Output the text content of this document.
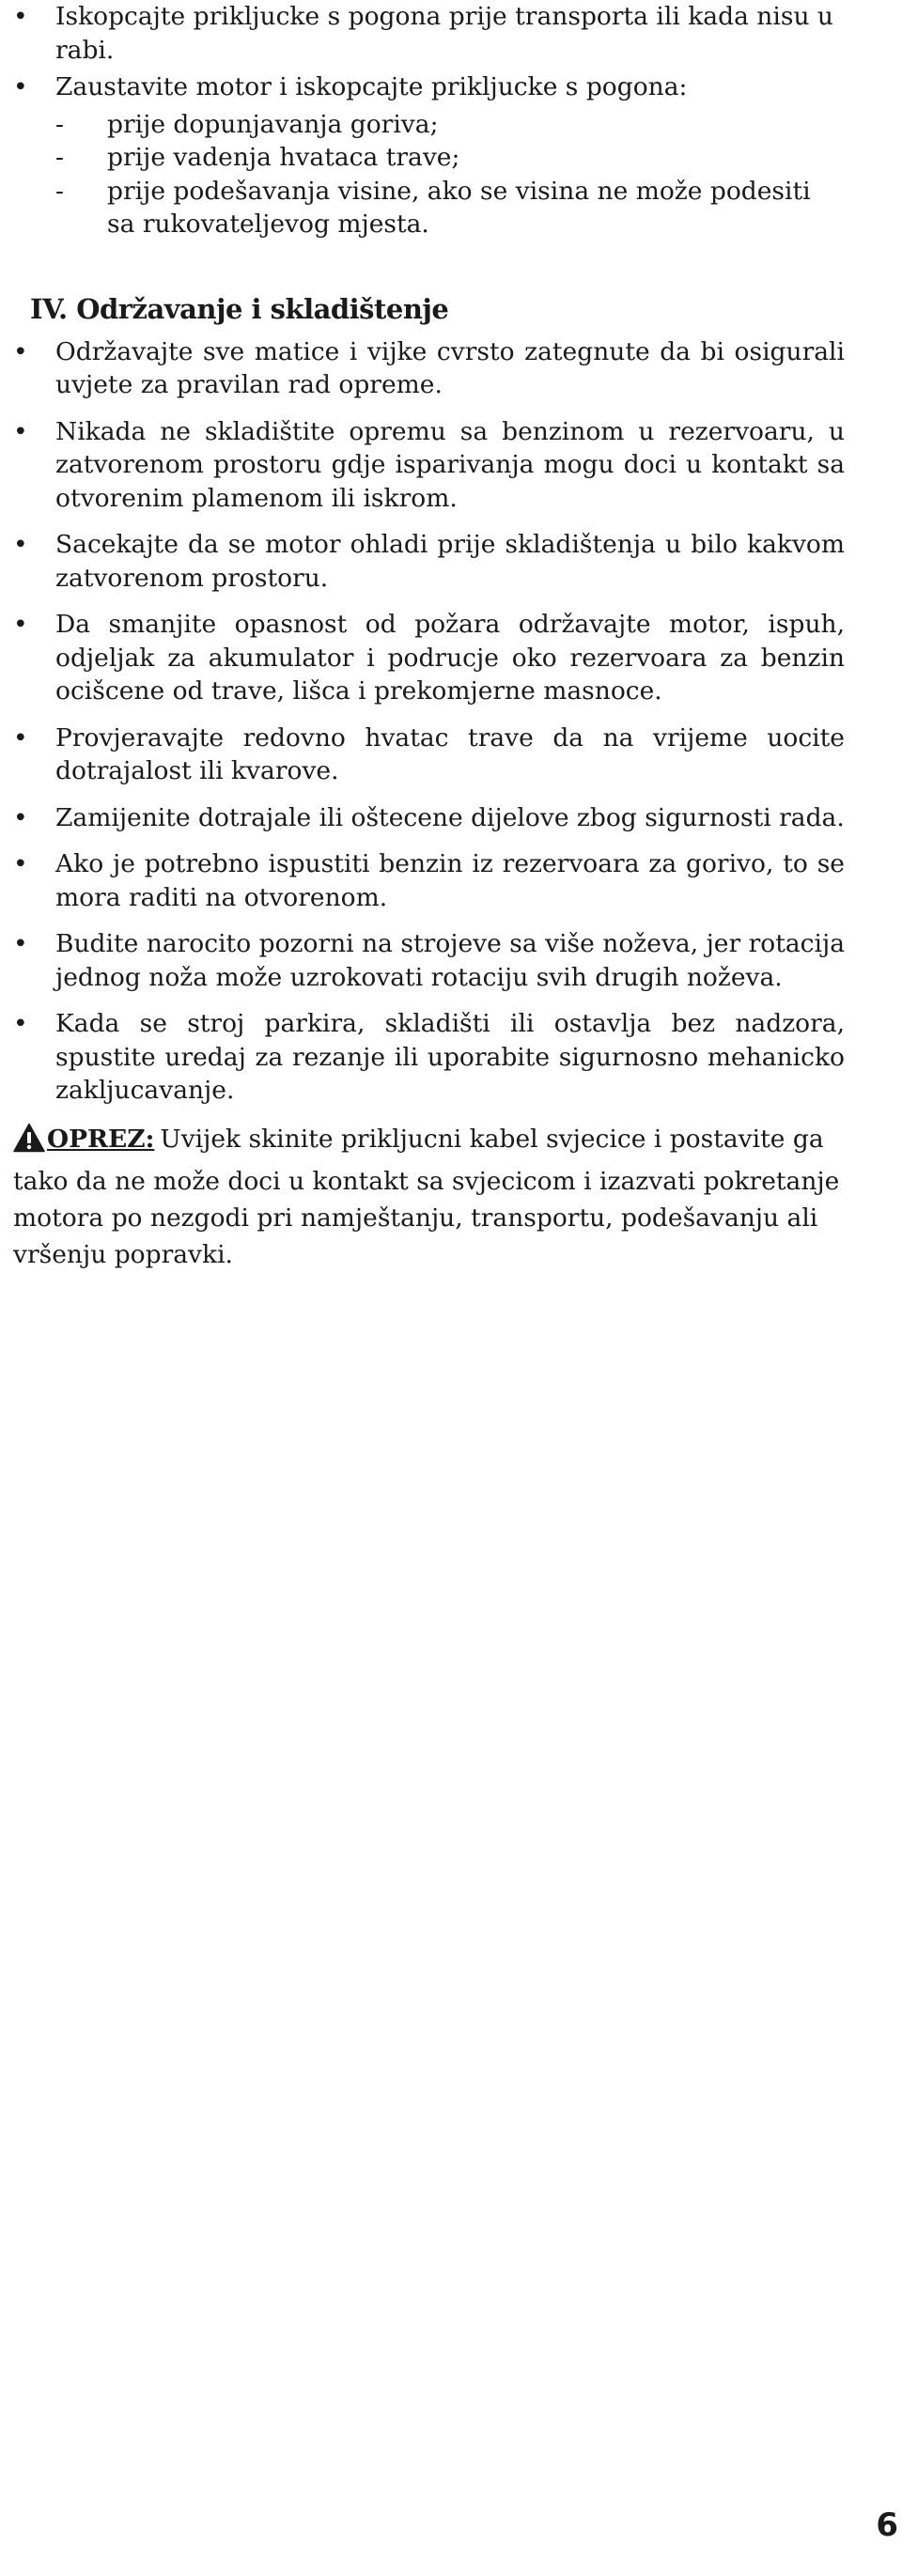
• Iskopcajte prikljucke s pogona prije transporta ili kada nisu u rabi.

• Zaustavite motor i iskopcajte prikljucke s pogona:

- prije dopunjavanja goriva;

- prije vadenja hvataca trave;

- prije podešavanja visine, ako se visina ne može podesiti sa rukovateljevog mjesta.

IV. Održavanje i skladištenje

• Održavajte sve matice i vijke cvrsto zategnute da bi osigurali uvjete za pravilan rad opreme.

• Nikada ne skladištite opremu sa benzinom u rezervoaru, u zatvorenom prostoru gdje isparivanja mogu doci u kontakt sa otvorenim plamenom ili iskrom.

• Sacekajte da se motor ohladi prije skladištenja u bilo kakvom zatvorenom prostoru.

• Da smanjite opasnost od požara održavajte motor, ispuh, odjeljak za akumulator i podrucje oko rezervoara za benzin ocišcene od trave, lišca i prekomjerne masnoce.

• Provjeravajte redovno hvatac trave da na vrijeme uocite dotrajalost ili kvarove.

• Zamijenite dotrajale ili oštecene dijelove zbog sigurnosti rada.

• Ako je potrebno ispustiti benzin iz rezervoara za gorivo, to se mora raditi na otvorenom.

• Budite narocito pozorni na strojeve sa više noževa, jer rotacija jednog noža može uzrokovati rotaciju svih drugih noževa.

• Kada se stroj parkira, skladišti ili ostavlja bez nadzora, spustite uredaj za rezanje ili uporabite sigurnosno mehanicko zakljucavanje.

OPREZ: Uvijek skinite prikljucni kabel svjecice i postavite ga tako da ne može doci u kontakt sa svjecicom i izazvati pokretanje motora po nezgodi pri namještanju, transportu, podešavanju ali vršenju popravki.

6
